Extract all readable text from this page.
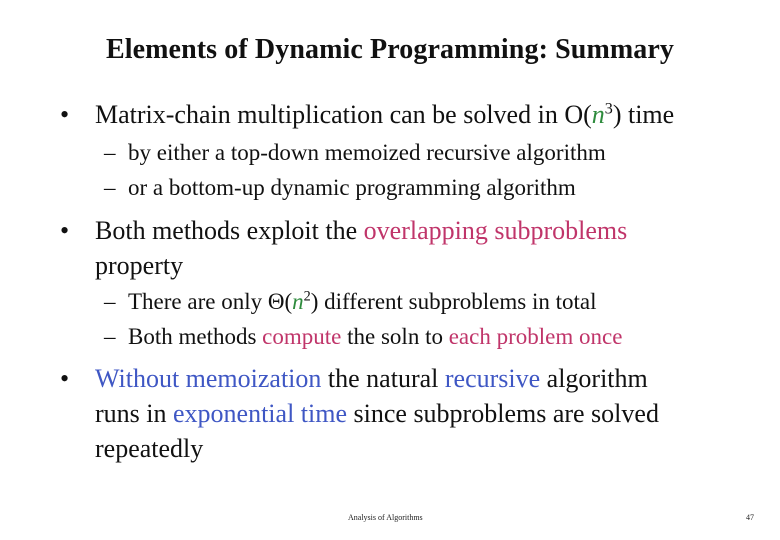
Elements of Dynamic Programming: Summary
• Matrix-chain multiplication can be solved in $O(n^3)$ time
– by either a top-down memoized recursive algorithm
– or a bottom-up dynamic programming algorithm
• Both methods exploit the overlapping subproblems
property
– There are only $\Theta(n^2)$ different subproblems in total
– Both methods compute the soln to each problem once
• Without memoization the natural recursive algorithm
runs in exponential time since subproblems are solved
repeatedly
Analysis of Algorithms	47
